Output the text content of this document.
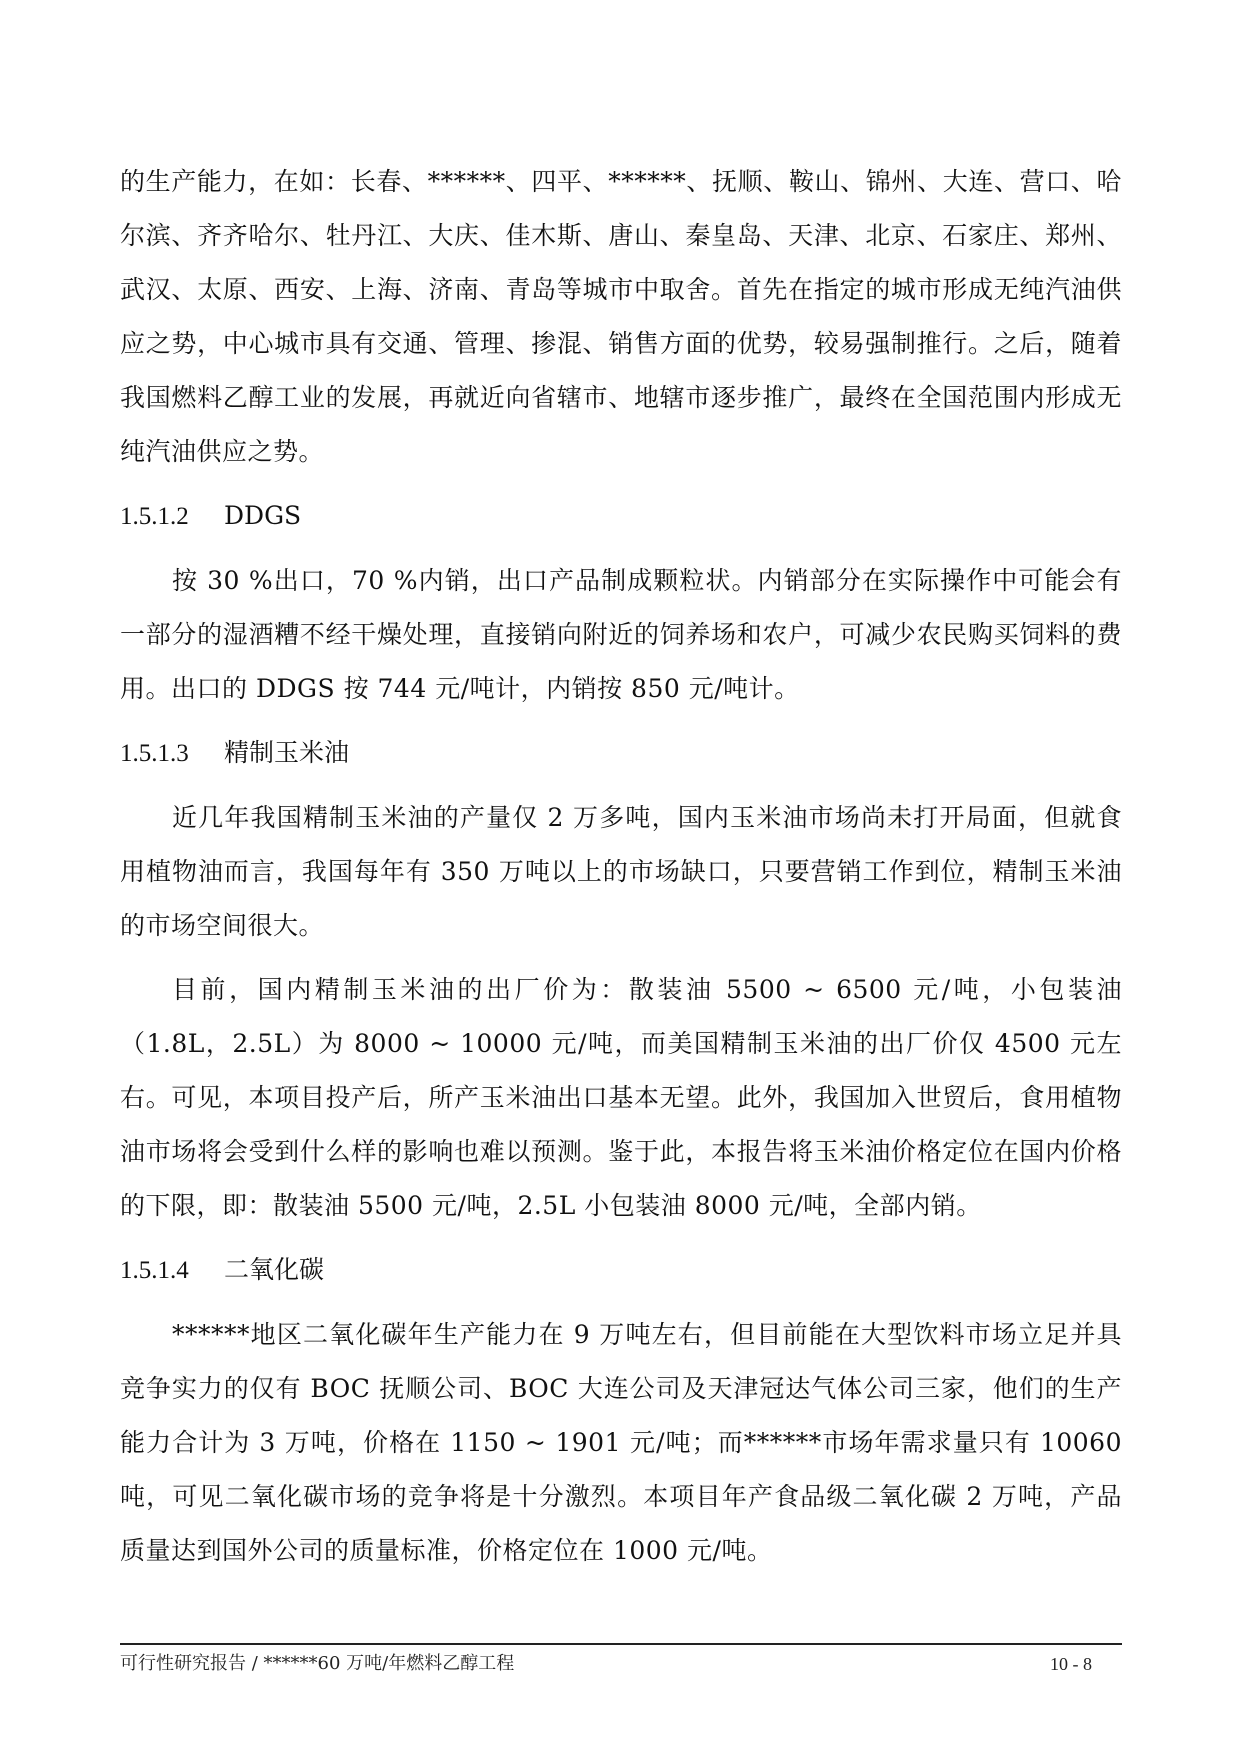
的生产能力，在如：长春、******、四平、******、抚顺、鞍山、锦州、大连、营口、哈尔滨、齐齐哈尔、牡丹江、大庆、佳木斯、唐山、秦皇岛、天津、北京、石家庄、郑州、武汉、太原、西安、上海、济南、青岛等城市中取舍。首先在指定的城市形成无纯汽油供应之势，中心城市具有交通、管理、掺混、销售方面的优势，较易强制推行。之后，随着我国燃料乙醇工业的发展，再就近向省辖市、地辖市逐步推广，最终在全国范围内形成无纯汽油供应之势。

1.5.1.2 DDGS

按 30 %出口，70 %内销，出口产品制成颗粒状。内销部分在实际操作中可能会有一部分的湿酒糟不经干燥处理，直接销向附近的饲养场和农户，可减少农民购买饲料的费用。出口的 DDGS 按 744 元/吨计，内销按 850 元/吨计。

1.5.1.3 精制玉米油

近几年我国精制玉米油的产量仅 2 万多吨，国内玉米油市场尚未打开局面，但就食用植物油而言，我国每年有 350 万吨以上的市场缺口，只要营销工作到位，精制玉米油的市场空间很大。

目前，国内精制玉米油的出厂价为：散装油 5500 ~ 6500 元/吨，小包装油（1.8L，2.5L）为 8000 ~ 10000 元/吨，而美国精制玉米油的出厂价仅 4500 元左右。可见，本项目投产后，所产玉米油出口基本无望。此外，我国加入世贸后，食用植物油市场将会受到什么样的影响也难以预测。鉴于此，本报告将玉米油价格定位在国内价格的下限，即：散装油 5500 元/吨，2.5L 小包装油 8000 元/吨，全部内销。

1.5.1.4 二氧化碳

******地区二氧化碳年生产能力在 9 万吨左右，但目前能在大型饮料市场立足并具竞争实力的仅有 BOC 抚顺公司、BOC 大连公司及天津冠达气体公司三家，他们的生产能力合计为 3 万吨，价格在 1150 ~ 1901 元/吨；而******市场年需求量只有 10060 吨，可见二氧化碳市场的竞争将是十分激烈。本项目年产食品级二氧化碳 2 万吨，产品质量达到国外公司的质量标准，价格定位在 1000 元/吨。

可行性研究报告 / ******60 万吨/年燃料乙醇工程	10 - 8
